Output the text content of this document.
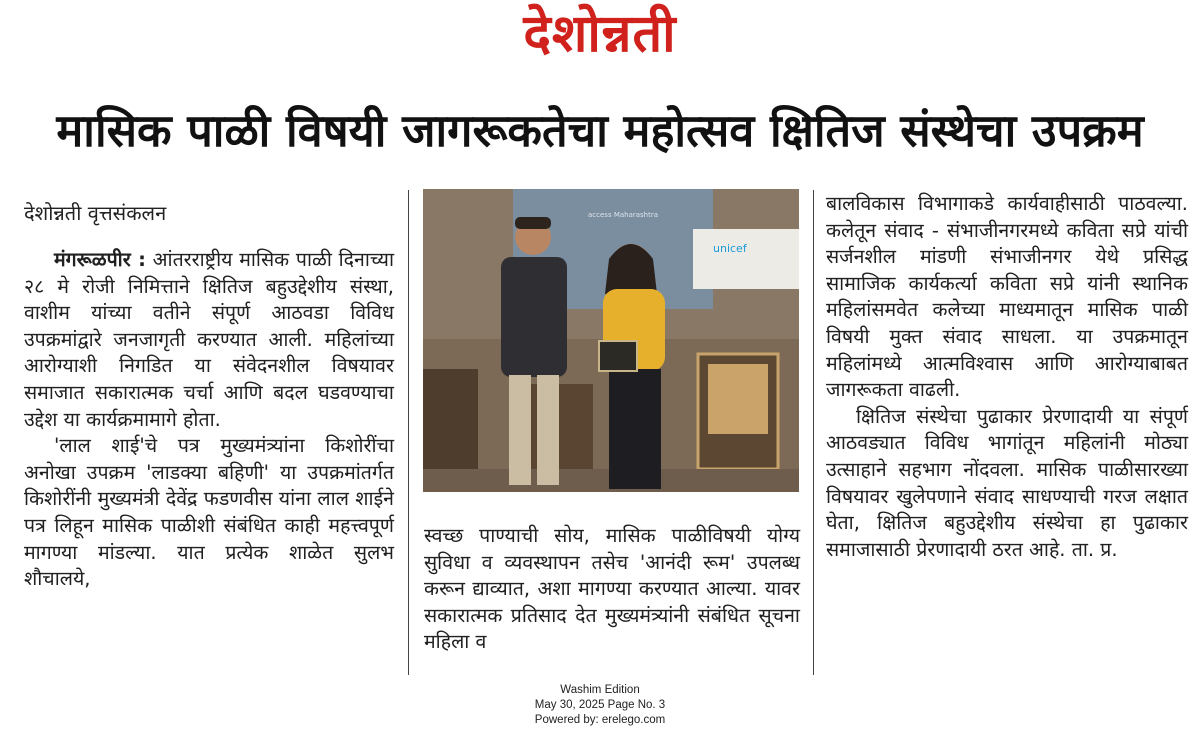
देशोन्नती
मासिक पाळी विषयी जागरूकतेचा महोत्सव क्षितिज संस्थेचा उपक्रम
देशोन्नती वृत्तसंकलन

मंगरूळपीर : आंतरराष्ट्रीय मासिक पाळी दिनाच्या २८ मे रोजी निमित्ताने क्षितिज बहुउद्देशीय संस्था, वाशीम यांच्या वतीने संपूर्ण आठवडा विविध उपक्रमांद्वारे जनजागृती करण्यात आली. महिलांच्या आरोग्याशी निगडित या संवेदनशील विषयावर समाजात सकारात्मक चर्चा आणि बदल घडवण्याचा उद्देश या कार्यक्रमामागे होता.

'लाल शाई'चे पत्र मुख्यमंत्र्यांना किशोरींचा अनोखा उपक्रम 'लाडक्या बहिणी' या उपक्रमांतर्गत किशोरींनी मुख्यमंत्री देवेंद्र फडणवीस यांना लाल शाईने पत्र लिहून मासिक पाळीशी संबंधित काही महत्त्वपूर्ण मागण्या मांडल्या. यात प्रत्येक शाळेत सुलभ शौचालये,

access Maharashtra
unicef

स्वच्छ पाण्याची सोय, मासिक पाळीविषयी योग्य सुविधा व व्यवस्थापन तसेच 'आनंदी रूम' उपलब्ध करून द्याव्यात, अशा मागण्या करण्यात आल्या. यावर सकारात्मक प्रतिसाद देत मुख्यमंत्र्यांनी संबंधित सूचना महिला व

बालविकास विभागाकडे कार्यवाहीसाठी पाठवल्या. कलेतून संवाद - संभाजीनगरमध्ये कविता सप्रे यांची सर्जनशील मांडणी संभाजीनगर येथे प्रसिद्ध सामाजिक कार्यकर्त्या कविता सप्रे यांनी स्थानिक महिलांसमवेत कलेच्या माध्यमातून मासिक पाळी विषयी मुक्त संवाद साधला. या उपक्रमातून महिलांमध्ये आत्मविश्वास आणि आरोग्याबाबत जागरूकता वाढली.

क्षितिज संस्थेचा पुढाकार प्रेरणादायी या संपूर्ण आठवड्यात विविध भागांतून महिलांनी मोठ्या उत्साहाने सहभाग नोंदवला. मासिक पाळीसारख्या विषयावर खुलेपणाने संवाद साधण्याची गरज लक्षात घेता, क्षितिज बहुउद्देशीय संस्थेचा हा पुढाकार समाजासाठी प्रेरणादायी ठरत आहे. ता. प्र.

Washim Edition
May 30, 2025 Page No. 3
Powered by: erelego.com
